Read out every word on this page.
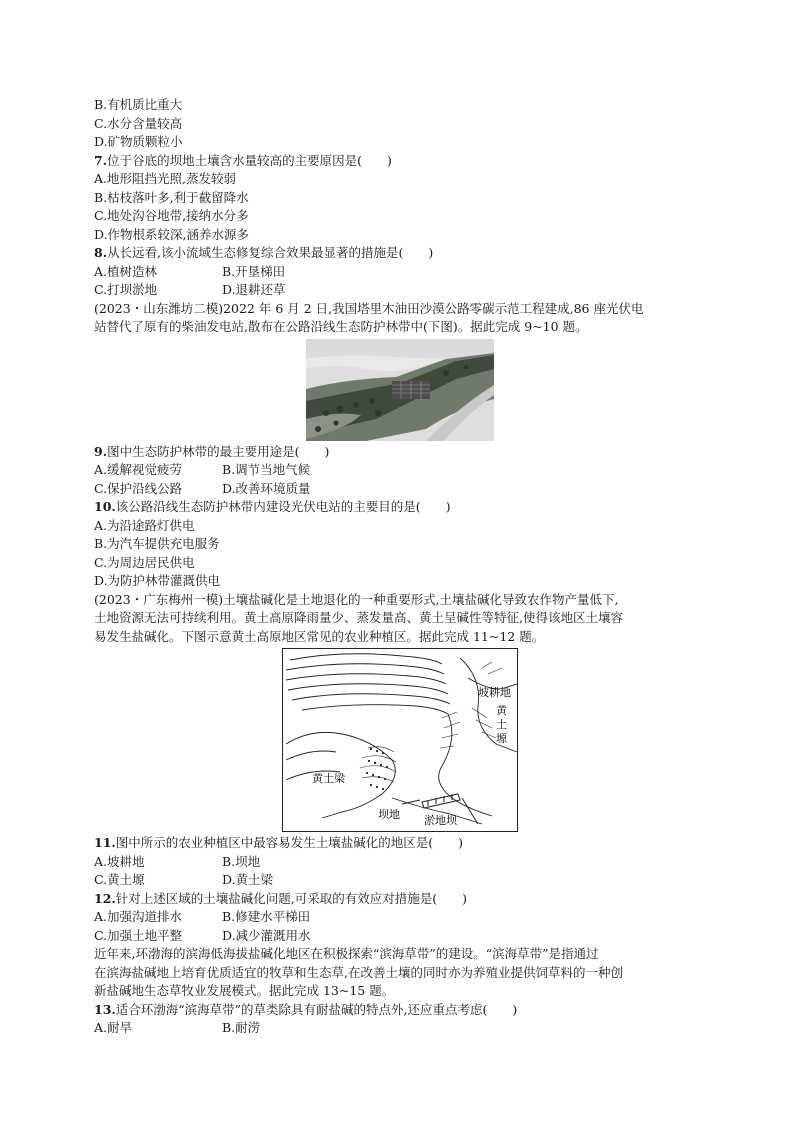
B.有机质比重大
C.水分含量较高
D.矿物质颗粒小
7.位于谷底的坝地土壤含水量较高的主要原因是(　　)
A.地形阻挡光照,蒸发较弱
B.枯枝落叶多,利于截留降水
C.地处沟谷地带,接纳水分多
D.作物根系较深,涵养水源多
8.从长远看,该小流域生态修复综合效果最显著的措施是(　　)
A.植树造林	B.开垦梯田
C.打坝淤地	D.退耕还草
(2023・山东潍坊二模)2022 年 6 月 2 日,我国塔里木油田沙漠公路零碳示范工程建成,86 座光伏电
站替代了原有的柴油发电站,散布在公路沿线生态防护林带中(下图)。据此完成 9~10 题。
9.图中生态防护林带的最主要用途是(　　)
A.缓解视觉疲劳	B.调节当地气候
C.保护沿线公路	D.改善环境质量
10.该公路沿线生态防护林带内建设光伏电站的主要目的是(　　)
A.为沿途路灯供电
B.为汽车提供充电服务
C.为周边居民供电
D.为防护林带灌溉供电
(2023・广东梅州一模)土壤盐碱化是土地退化的一种重要形式,土壤盐碱化导致农作物产量低下,
土地资源无法可持续利用。黄土高原降雨量少、蒸发量高、黄土呈碱性等特征,使得该地区土壤容
易发生盐碱化。下图示意黄土高原地区常见的农业种植区。据此完成 11~12 题。
坡耕地
黄
土
塬
黄土梁
坝地 淤地坝
11.图中所示的农业种植区中最容易发生土壤盐碱化的地区是(　　)
A.坡耕地	B.坝地
C.黄土塬	D.黄土梁
12.针对上述区域的土壤盐碱化问题,可采取的有效应对措施是(　　)
A.加强沟道排水	B.修建水平梯田
C.加强土地平整	D.减少灌溉用水
近年来,环渤海的滨海低海拔盐碱化地区在积极探索“滨海草带”的建设。“滨海草带”是指通过
在滨海盐碱地上培育优质适宜的牧草和生态草,在改善土壤的同时亦为养殖业提供饲草料的一种创
新盐碱地生态草牧业发展模式。据此完成 13~15 题。
13.适合环渤海“滨海草带”的草类除具有耐盐碱的特点外,还应重点考虑(　　)
A.耐旱	B.耐涝
